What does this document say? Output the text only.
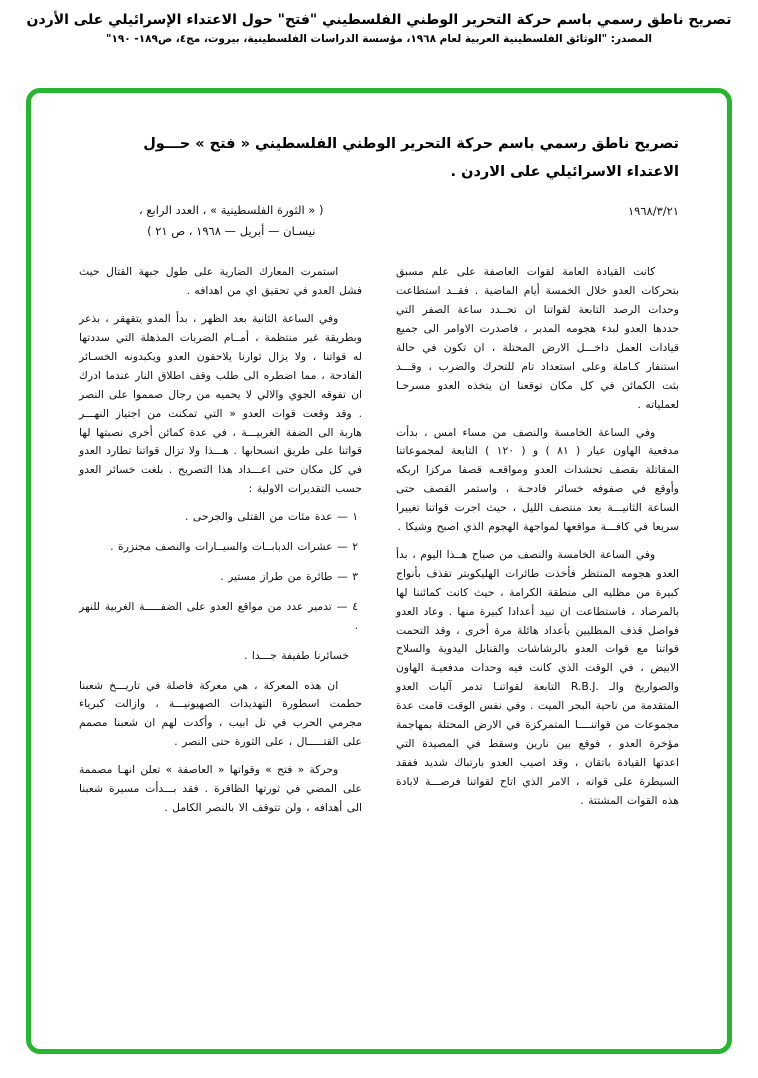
تصريح ناطق رسمي باسم حركة التحرير الوطني الفلسطيني "فتح" حول الاعتداء الإسرائيلي على الأردن
المصدر: "الوثائق الفلسطينية العربية لعام ١٩٦٨، مؤسسة الدراسات الفلسطينية، بيروت، مج٤، ص١٨٩- ١٩٠"
تصريح ناطق رسمي باسم حركة التحرير الوطني الفلسطيني « فتح » حـــول
الاعتداء الاسرائيلي على الاردن .
١٩٦٨/٣/٢١
( « الثورة الفلسطينية » ، العدد الرابع ،
نيسـان — أبريل — ١٩٦٨ ، ص ٢١ )

كانت القيادة العامة لقوات العاصفة على علم مسبق بتحركات العدو خلال الخمسة أيام الماضية . فقــد استطاعت وحدات الرصد التابعة لقواتنا ان تحــدد ساعة الصفر التي حددها العدو لبدء هجومه المدبر ، فاصدرت الاوامر الى جميع قيادات العمل داخـــل الارض المحتلة ، ان تكون في حالة استنفار كـاملة وعلى استعداد تام للتحرك والضرب ، وقـــد بثت الكمائن في كل مكان توقعنا ان يتخذه العدو مسرحـا لعملياته .

وفي الساعة الخامسة والنصف من مساء امس ، بدأت مدفعية الهاون عيار ( ٨١ ) و ( ١٢٠ ) التابعة لمجموعاتنا المقاتلة بقصف تحشدات العدو ومواقعـه قصفا مركزا اربكه وأوقع في صفوفه خسائر فادحـة ، واستمر القصف حتى الساعة الثانيـــة بعد منتصف الليل ، حيث اجرت قواتنا تغييرا سريعا في كافـــة مواقعها لمواجهة الهجوم الذي اصبح وشيكا .

وفي الساعة الخامسة والنصف من صباح هــذا اليوم ، بدأ العدو هجومه المنتظر فأخذت طائرات الهليكوبتر تقذف بأنواج كبيرة من مظليه الى منطقة الكرامة ، حيث كانت كمائننا لها بالمرصاد ، فاستطاعت ان تبيد أعدادا كبيرة منها . وعاد العدو فواصل قذف المظليين بأعداد هائلة مرة أخرى ، وقد التحمت قواتنا مع قوات العدو بالرشاشات والقنابل اليدوية والسلاح الابيض ، في الوقت الذي كانت فيه وحدات مدفعيـة الهاون والصواريخ والـ .R.B.J التابعة لقواتنـا تدمر آليات العدو المتقدمة من ناحية البحر الميت . وفي نفس الوقت قامت عدة مجموعات من قواتنــــا المتمركزة في الارض المحتلة بمهاجمة مؤخرة العدو ، فوقع بين نارين وسقط في المصيدة التي اعدتها القيادة باتقان ، وقد اصيب العدو بارتباك شديد ففقد السيطرة على قواته ، الامر الذي اتاح لقواتنا فرصـــة لابادة هذه القوات المشتتة .

استمرت المعارك الضارية على طول جبهة القتال حيث فشل العدو في تحقيق اي من اهدافه .

وفي الساعة الثانية بعد الظهر ، بدأ المدو يتقهقر ، بذعر وبطريقة غير منتظمة ، أمــام الضربات المذهلة التي سددتها له قواتنا ، ولا يزال ثوارنا يلاحقون العدو ويكبدونه الخسـائر الفادحة ، مما اضطره الى طلب وقف اطلاق النار عندما ادرك ان تفوقه الجوي والالي لا يحميه من رجال صمموا على النصر . وقد وقعت قوات العدو « التي تمكنت من اجتياز النهـــر هاربة الى الضفة الغربيـــة ، في عدة كمائن أخرى نصبتها لها قواتنا على طريق انسحابها . هـــذا ولا تزال قواتنا تطارد العدو في كل مكان حتى اعـــداد هذا التصريح . بلغت خسائر العدو حسب التقديرات الاولية :

١ — عدة مئات من القتلى والجرحى .

٢ — عشرات الدبابــات والسيــارات والنصف مجنزرة .

٣ — طائرة من طراز مستير .

٤ — تدمير عدد من مواقع العدو على الضفـــــة الغربية للنهر .

خسائرنا طفيفة جـــدا .

ان هذه المعركة ، هي معركة فاصلة في تاريـــخ شعبنا حطمت اسطورة التهديدات الصهيونيـــة ، وازالت كبرياء مجرمي الحرب في تل ابيب ، وأكدت لهم ان شعبنا مصمم على القتـــــال ، على الثورة حتى النصر .

وحركة « فتح » وقواتها « العاصفة » تعلن انهـا مصممة على المضي في ثورتها الظافرة . فقد بـــدأت مسيرة شعبنا الى أهدافه ، ولن تتوقف الا بالنصر الكامل .
